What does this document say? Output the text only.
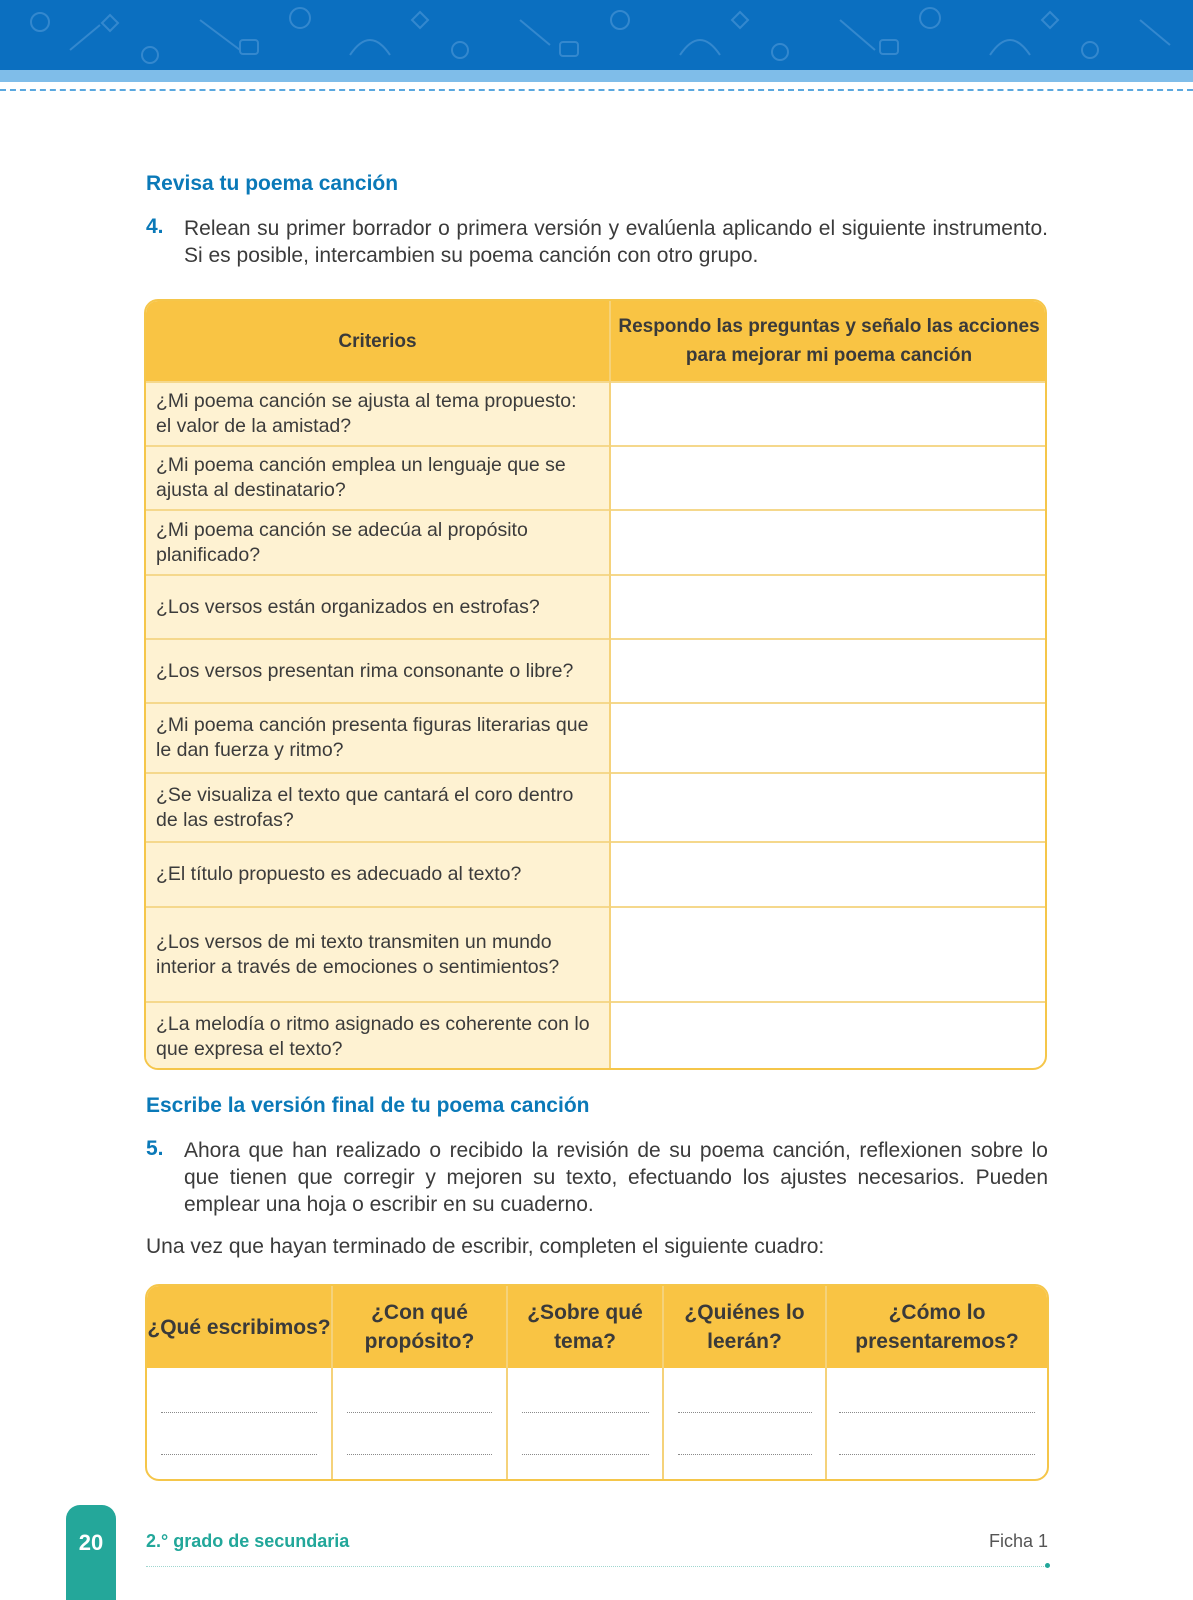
Revisa tu poema canción
4. Relean su primer borrador o primera versión y evalúenla aplicando el siguiente instrumento. Si es posible, intercambien su poema canción con otro grupo.
Criterios
Respondo las preguntas y señalo las acciones para mejorar mi poema canción
¿Mi poema canción se ajusta al tema propuesto: el valor de la amistad?
¿Mi poema canción emplea un lenguaje que se ajusta al destinatario?
¿Mi poema canción se adecúa al propósito planificado?
¿Los versos están organizados en estrofas?
¿Los versos presentan rima consonante o libre?
¿Mi poema canción presenta figuras literarias que le dan fuerza y ritmo?
¿Se visualiza el texto que cantará el coro dentro de las estrofas?
¿El título propuesto es adecuado al texto?
¿Los versos de mi texto transmiten un mundo interior a través de emociones o sentimientos?
¿La melodía o ritmo asignado es coherente con lo que expresa el texto?
Escribe la versión final de tu poema canción
5. Ahora que han realizado o recibido la revisión de su poema canción, reflexionen sobre lo que tienen que corregir y mejoren su texto, efectuando los ajustes necesarios. Pueden emplear una hoja o escribir en su cuaderno.
Una vez que hayan terminado de escribir, completen el siguiente cuadro:
¿Qué escribimos?
¿Con qué propósito?
¿Sobre qué tema?
¿Quiénes lo leerán?
¿Cómo lo presentaremos?
20	2.° grado de secundaria	Ficha 1
